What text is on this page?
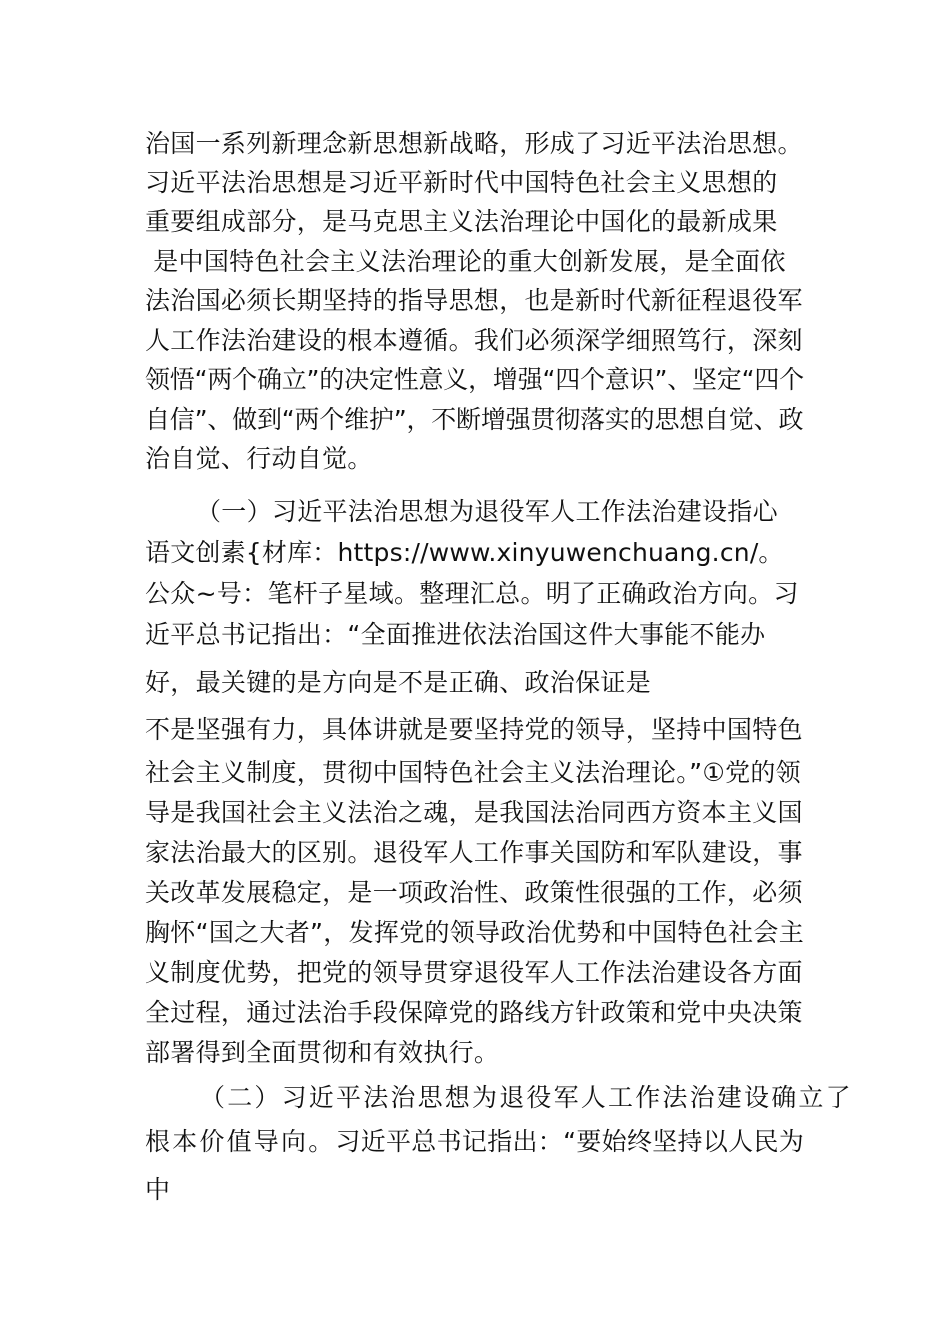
治国一系列新理念新思想新战略，形成了习近平法治思想。
习近平法治思想是习近平新时代中国特色社会主义思想的
重要组成部分，是马克思主义法治理论中国化的最新成果
是中国特色社会主义法治理论的重大创新发展，是全面依
法治国必须长期坚持的指导思想，也是新时代新征程退役军
人工作法治建设的根本遵循。我们必须深学细照笃行，深刻
领悟“两个确立”的决定性意义，增强“四个意识”、坚定“四个
自信”、做到“两个维护”，不断增强贯彻落实的思想自觉、政
治自觉、行动自觉。
（一）习近平法治思想为退役军人工作法治建设指心
语文创素{材库：https://www.xinyuwenchuang.cn/。
公众~号：笔杆子星域。整理汇总。明了正确政治方向。习
近平总书记指出：“全面推进依法治国这件大事能不能办
好，最关键的是方向是不是正确、政治保证是
不是坚强有力，具体讲就是要坚持党的领导，坚持中国特色
社会主义制度，贯彻中国特色社会主义法治理论。”①党的领
导是我国社会主义法治之魂，是我国法治同西方资本主义国
家法治最大的区别。退役军人工作事关国防和军队建设，事
关改革发展稳定，是一项政治性、政策性很强的工作，必须
胸怀“国之大者”，发挥党的领导政治优势和中国特色社会主
义制度优势，把党的领导贯穿退役军人工作法治建设各方面
全过程，通过法治手段保障党的路线方针政策和党中央决策
部署得到全面贯彻和有效执行。
（二）习近平法治思想为退役军人工作法治建设确立了
根本价值导向。习近平总书记指出：“要始终坚持以人民为
中
